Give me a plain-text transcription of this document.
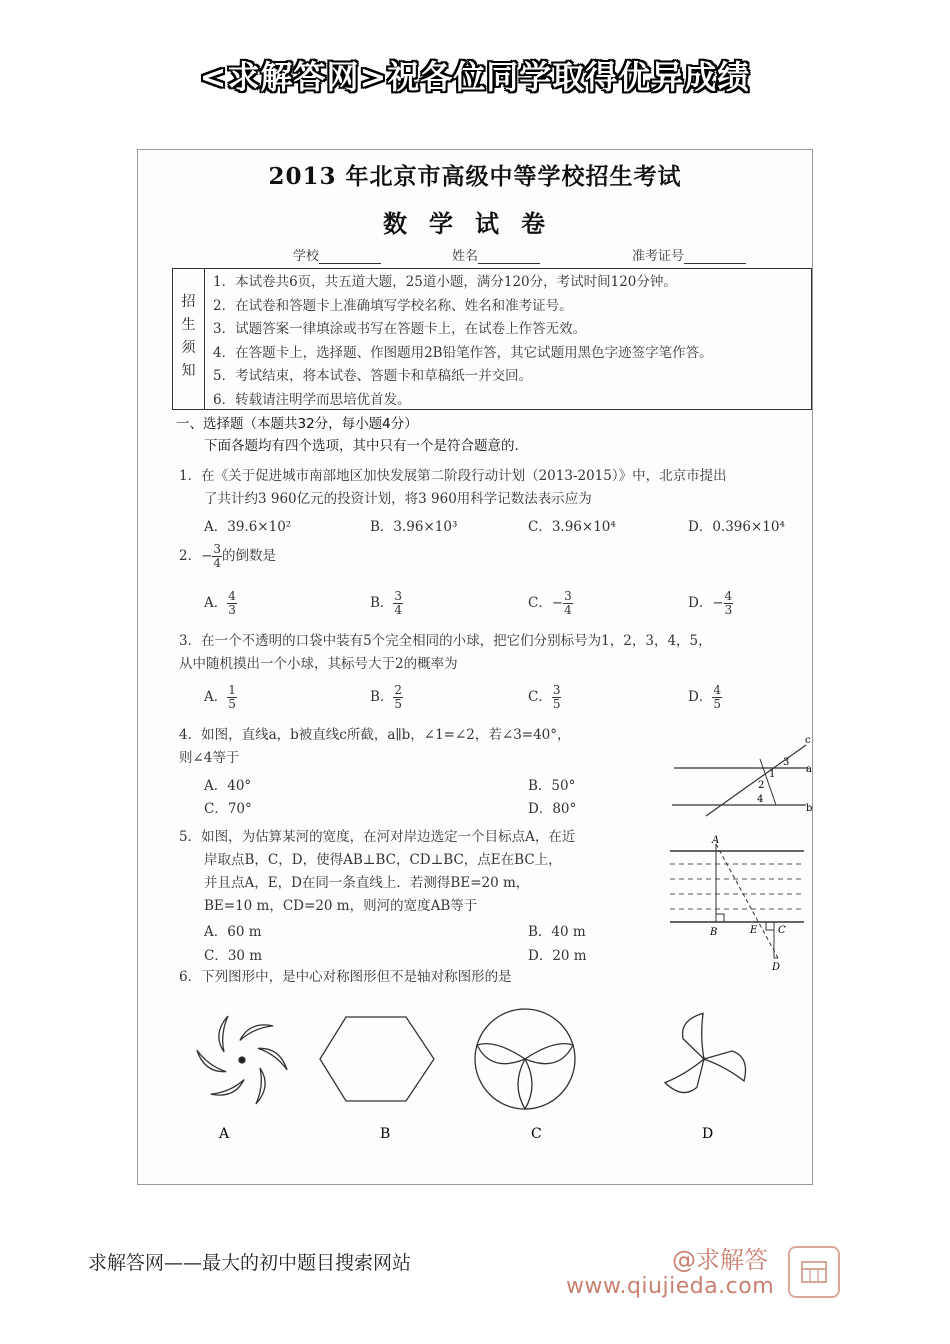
<求解答网>祝各位同学取得优异成绩
2013 年北京市高级中等学校招生考试
数学试卷
学校	姓名	准考证号
招
生
须
知
1．本试卷共6页，共五道大题，25道小题，满分120分，考试时间120分钟。
2．在试卷和答题卡上准确填写学校名称、姓名和准考证号。
3．试题答案一律填涂或书写在答题卡上，在试卷上作答无效。
4．在答题卡上，选择题、作图题用2B铅笔作答，其它试题用黑色字迹签字笔作答。
5．考试结束，将本试卷、答题卡和草稿纸一并交回。
6．转载请注明学而思培优首发。
一、选择题（本题共32分，每小题4分）
下面各题均有四个选项，其中只有一个是符合题意的.
1．在《关于促进城市南部地区加快发展第二阶段行动计划（2013-2015）》中，北京市提出
了共计约3 960亿元的投资计划，将3 960用科学记数法表示应为
A．39.6×10²	B．3.96×10³	C．3.96×10⁴	D．0.396×10⁴
2．− $\frac{3}{4}$ 的倒数是
A． $\frac{4}{3}$	B． $\frac{3}{4}$	C．− $\frac{3}{4}$	D．− $\frac{4}{3}$
3．在一个不透明的口袋中装有5个完全相同的小球，把它们分别标号为1，2，3，4，5，
从中随机摸出一个小球，其标号大于2的概率为
A． $\frac{1}{5}$	B． $\frac{2}{5}$	C． $\frac{3}{5}$	D． $\frac{4}{5}$
4．如图，直线a，b被直线c所截，a∥b，∠1=∠2，若∠3=40°，
则∠4等于
A．40°	B．50°
C．70°	D．80°
c
a
b
3
1
2
4
5．如图，为估算某河的宽度，在河对岸边选定一个目标点A，在近
岸取点B，C，D，使得AB⊥BC，CD⊥BC，点E在BC上，
并且点A，E，D在同一条直线上．若测得BE=20 m，
BE=10 m，CD=20 m，则河的宽度AB等于
A．60 m	B．40 m
C．30 m	D．20 m
A
B	E C
D
6．下列图形中，是中心对称图形但不是轴对称图形的是
A	B	C	D
求解答网——最大的初中题目搜索网站	@求解答
www.qiujieda.com
